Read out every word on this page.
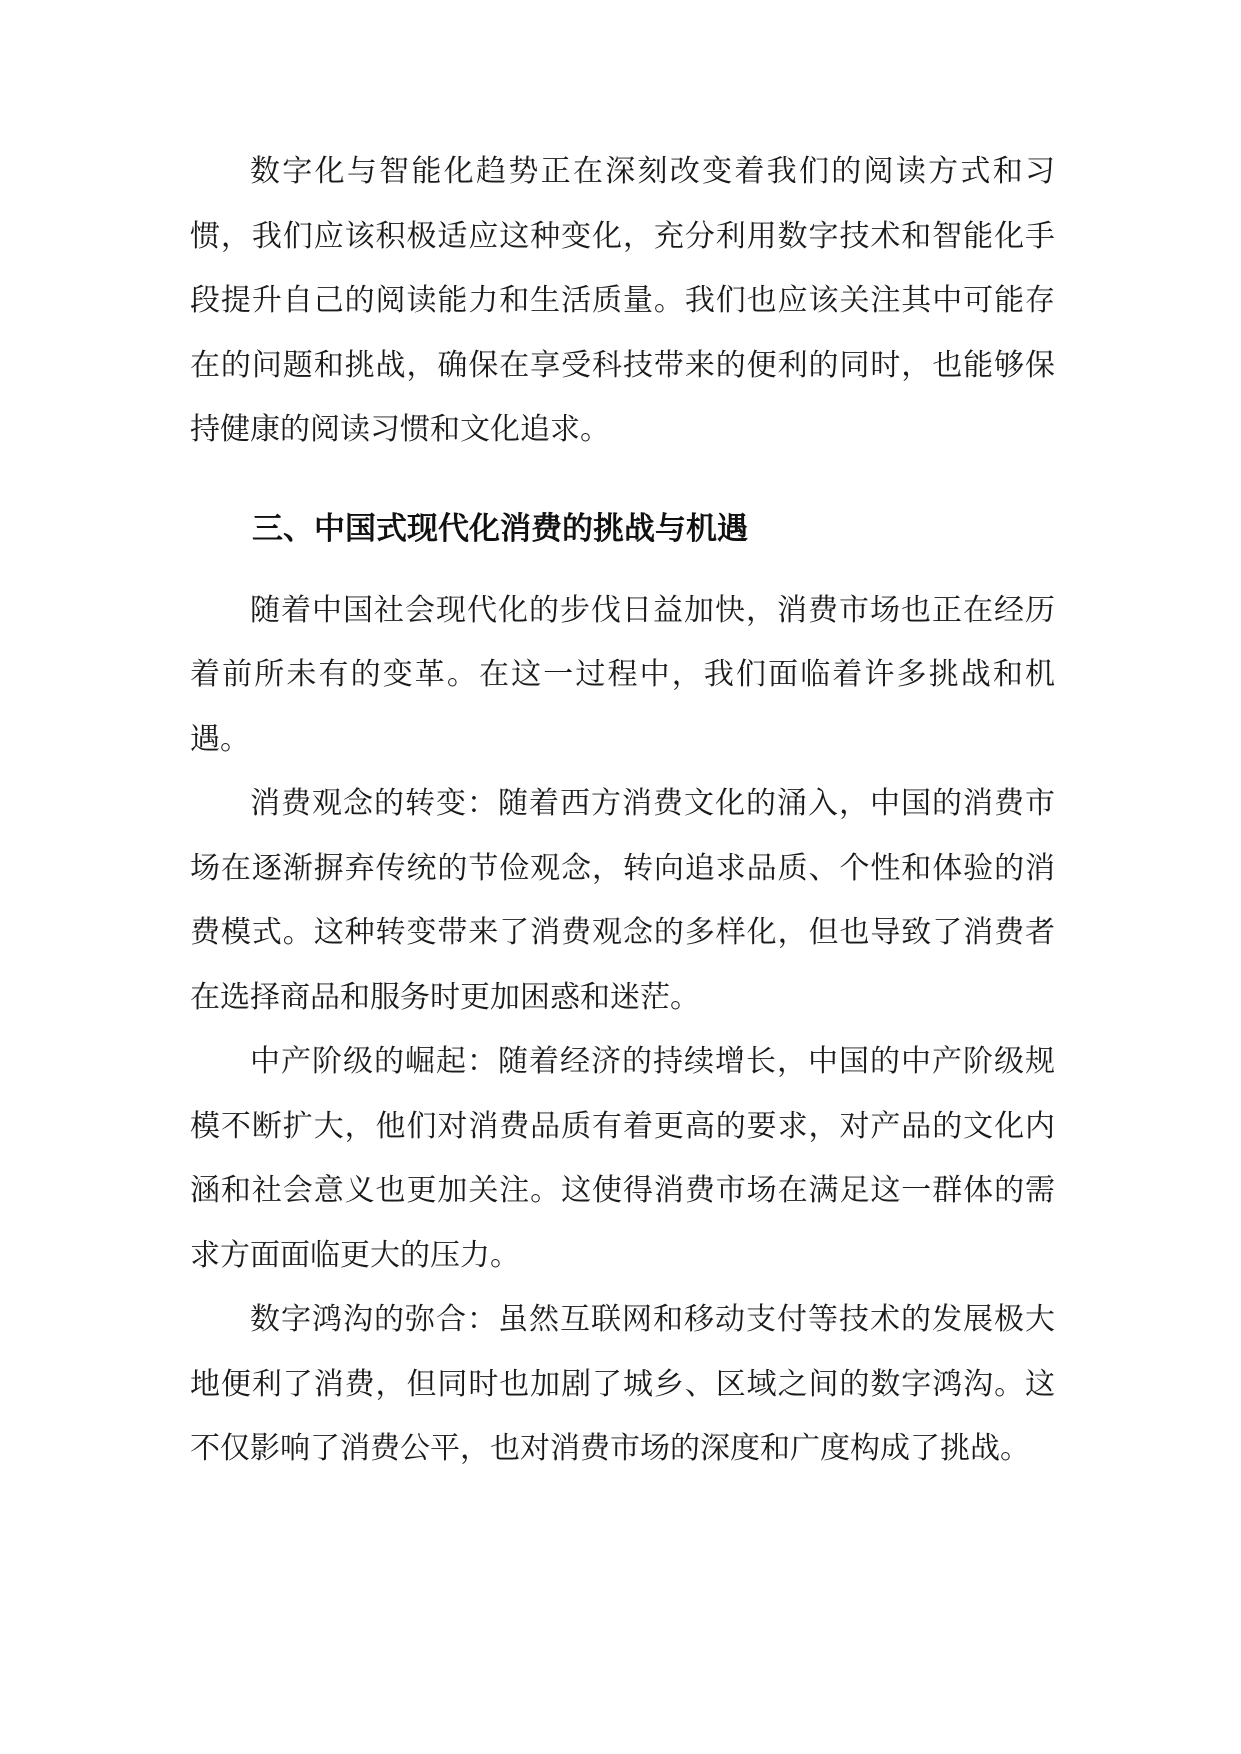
数字化与智能化趋势正在深刻改变着我们的阅读方式和习惯，我们应该积极适应这种变化，充分利用数字技术和智能化手段提升自己的阅读能力和生活质量。我们也应该关注其中可能存在的问题和挑战，确保在享受科技带来的便利的同时，也能够保持健康的阅读习惯和文化追求。

三、中国式现代化消费的挑战与机遇

随着中国社会现代化的步伐日益加快，消费市场也正在经历着前所未有的变革。在这一过程中，我们面临着许多挑战和机遇。

消费观念的转变：随着西方消费文化的涌入，中国的消费市场在逐渐摒弃传统的节俭观念，转向追求品质、个性和体验的消费模式。这种转变带来了消费观念的多样化，但也导致了消费者在选择商品和服务时更加困惑和迷茫。

中产阶级的崛起：随着经济的持续增长，中国的中产阶级规模不断扩大，他们对消费品质有着更高的要求，对产品的文化内涵和社会意义也更加关注。这使得消费市场在满足这一群体的需求方面面临更大的压力。

数字鸿沟的弥合：虽然互联网和移动支付等技术的发展极大地便利了消费，但同时也加剧了城乡、区域之间的数字鸿沟。这不仅影响了消费公平，也对消费市场的深度和广度构成了挑战。
